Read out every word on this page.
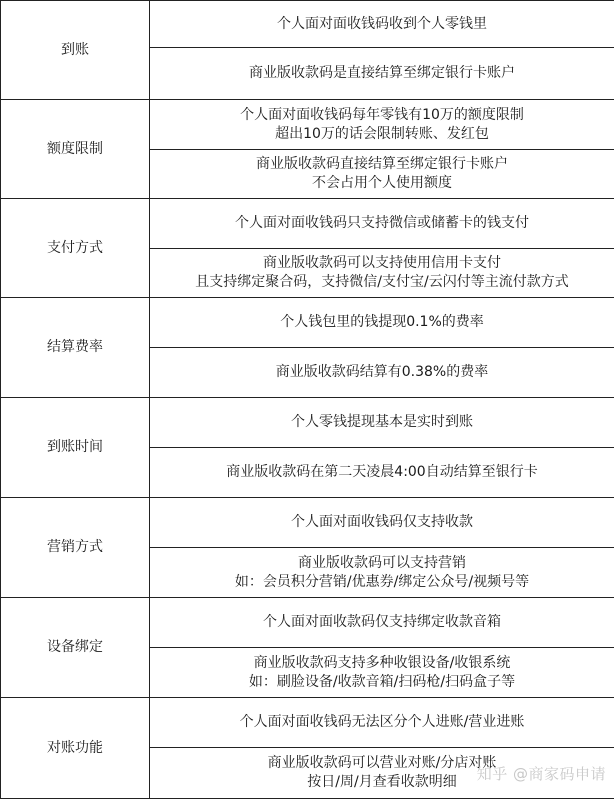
到账	个人面对面收钱码收到个人零钱里

	商业版收款码是直接结算至绑定银行卡账户

额度限制	个人面对面收钱码每年零钱有10万的额度限制
超出10万的话会限制转账、发红包

	商业版收款码直接结算至绑定银行卡账户
不会占用个人使用额度

支付方式	个人面对面收钱码只支持微信或储蓄卡的钱支付

	商业版收款码可以支持使用信用卡支付
且支持绑定聚合码，支持微信/支付宝/云闪付等主流付款方式

结算费率	个人钱包里的钱提现0.1%的费率

	商业版收款码结算有0.38%的费率

到账时间	个人零钱提现基本是实时到账

	商业版收款码在第二天凌晨4:00自动结算至银行卡

营销方式	个人面对面收钱码仅支持收款

	商业版收款码可以支持营销
如：会员积分营销/优惠券/绑定公众号/视频号等

设备绑定	个人面对面收款码仅支持绑定收款音箱

	商业版收款码支持多种收银设备/收银系统
如：刷脸设备/收款音箱/扫码枪/扫码盒子等

对账功能	个人面对面收钱码无法区分个人进账/营业进账

	商业版收款码可以营业对账/分店对账
按日/周/月查看收款明细	知乎 @商家码申请
